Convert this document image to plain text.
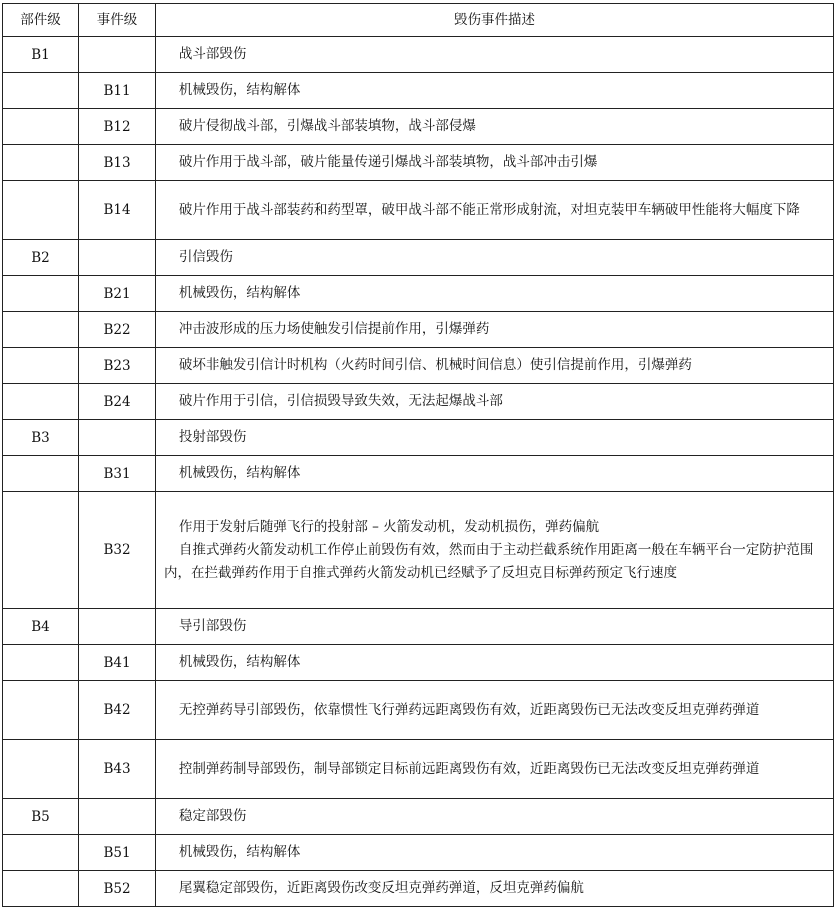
部件级	事件级	毁伤事件描述
B1		战斗部毁伤

	B11	机械毁伤，结构解体

	B12	破片侵彻战斗部，引爆战斗部装填物，战斗部侵爆

	B13	破片作用于战斗部，破片能量传递引爆战斗部装填物，战斗部冲击引爆

	B14	破片作用于战斗部装药和药型罩，破甲战斗部不能正常形成射流，对坦克装甲车辆破甲性能将大幅度下降

B2		引信毁伤

	B21	机械毁伤，结构解体

	B22	冲击波形成的压力场使触发引信提前作用，引爆弹药

	B23	破坏非触发引信计时机构（火药时间引信、机械时间信息）使引信提前作用，引爆弹药

	B24	破片作用于引信，引信损毁导致失效，无法起爆战斗部

B3		投射部毁伤

	B31	机械毁伤，结构解体

	B32	作用于发射后随弹飞行的投射部 – 火箭发动机，发动机损伤，弹药偏航

自推式弹药火箭发动机工作停止前毁伤有效，然而由于主动拦截系统作用距离一般在车辆平台一定防护范围内，在拦截弹药作用于自推式弹药火箭发动机已经赋予了反坦克目标弹药预定飞行速度

B4		导引部毁伤

	B41	机械毁伤，结构解体

	B42	无控弹药导引部毁伤，依靠惯性飞行弹药远距离毁伤有效，近距离毁伤已无法改变反坦克弹药弹道

	B43	控制弹药制导部毁伤，制导部锁定目标前远距离毁伤有效，近距离毁伤已无法改变反坦克弹药弹道

B5		稳定部毁伤

	B51	机械毁伤，结构解体

	B52	尾翼稳定部毁伤，近距离毁伤改变反坦克弹药弹道，反坦克弹药偏航
